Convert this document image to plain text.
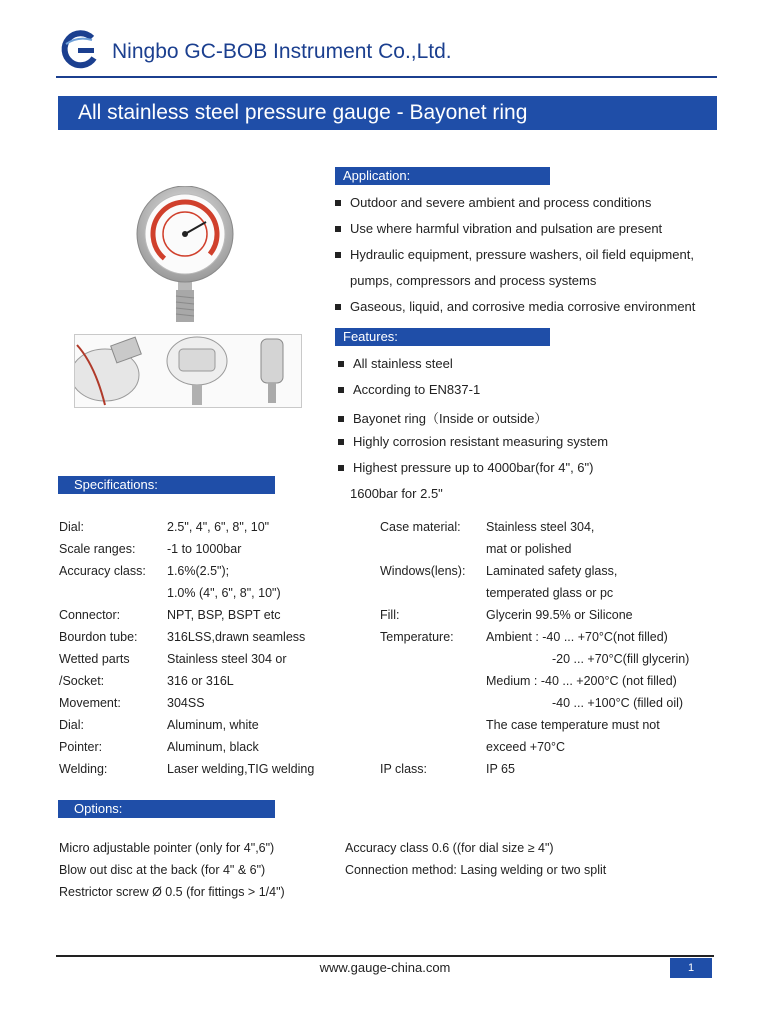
Ningbo GC-BOB Instrument Co.,Ltd.
All stainless steel pressure gauge - Bayonet ring
Application:
Outdoor and severe ambient and process conditions
Use where harmful vibration and pulsation are present
Hydraulic equipment, pressure washers, oil field equipment,
pumps, compressors and process systems
Gaseous, liquid, and corrosive media corrosive environment
Features:
All stainless steel
According to EN837-1
Bayonet ring（Inside or outside）
Highly corrosion resistant measuring system
Highest pressure up to 4000bar(for 4", 6")
1600bar for 2.5"
Specifications:
Dial:	2.5", 4", 6", 8", 10"
Scale ranges:	-1 to 1000bar
Accuracy class: 1.6%(2.5");
1.0% (4", 6", 8", 10")
Connector:	NPT, BSP, BSPT etc
Bourdon tube: 316LSS,drawn seamless
Wetted parts	Stainless steel 304 or
/Socket:	316 or 316L
Movement:	304SS
Dial:	Aluminum, white
Pointer:	Aluminum, black
Welding:	Laser welding,TIG welding
Case material: Stainless steel 304,
mat or polished
Windows(lens): Laminated safety glass,
temperated glass or pc
Fill:	Glycerin 99.5% or Silicone
Temperature:	Ambient : -40 ... +70°C(not filled)
-20 ... +70°C(fill glycerin)
Medium : -40 ... +200°C (not filled)
-40 ... +100°C (filled oil)
The case temperature must not
exceed +70°C
IP class:	IP 65
Options:
Micro adjustable pointer (only for 4",6")
Blow out disc at the back (for 4" & 6")
Restrictor screw Ø 0.5 (for fittings > 1/4")
Accuracy class 0.6 ((for dial size ≥ 4")
Connection method: Lasing welding or two split
www.gauge-china.com	1
